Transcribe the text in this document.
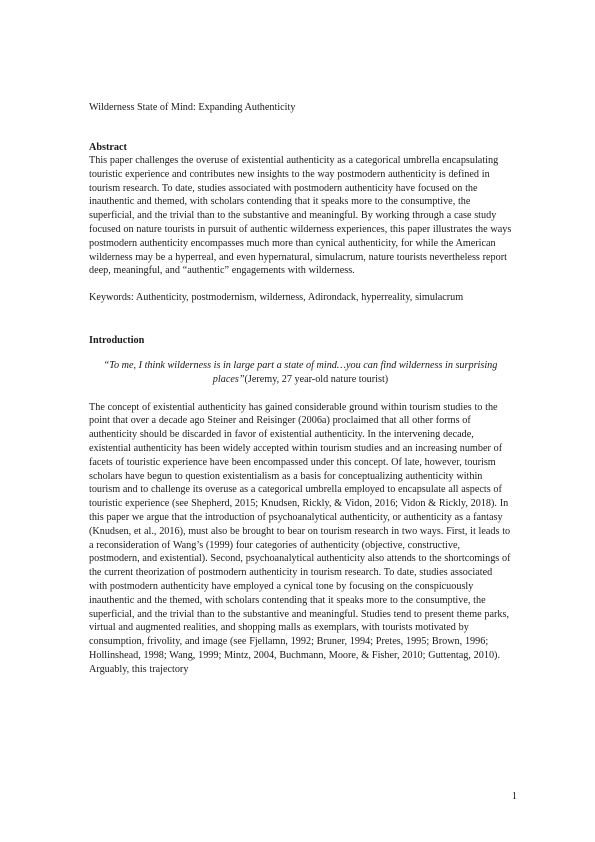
Wilderness State of Mind: Expanding Authenticity

Abstract

This paper challenges the overuse of existential authenticity as a categorical umbrella encapsulating touristic experience and contributes new insights to the way postmodern authenticity is defined in tourism research. To date, studies associated with postmodern authenticity have focused on the inauthentic and themed, with scholars contending that it speaks more to the consumptive, the superficial, and the trivial than to the substantive and meaningful. By working through a case study focused on nature tourists in pursuit of authentic wilderness experiences, this paper illustrates the ways postmodern authenticity encompasses much more than cynical authenticity, for while the American wilderness may be a hyperreal, and even hypernatural, simulacrum, nature tourists nevertheless report deep, meaningful, and “authentic” engagements with wilderness.

Keywords: Authenticity, postmodernism, wilderness, Adirondack, hyperreality, simulacrum

Introduction

“To me, I think wilderness is in large part a state of mind…you can find wilderness in surprising places”(Jeremy, 27 year-old nature tourist)

The concept of existential authenticity has gained considerable ground within tourism studies to the point that over a decade ago Steiner and Reisinger (2006a) proclaimed that all other forms of authenticity should be discarded in favor of existential authenticity. In the intervening decade, existential authenticity has been widely accepted within tourism studies and an increasing number of facets of touristic experience have been encompassed under this concept. Of late, however, tourism scholars have begun to question existentialism as a basis for conceptualizing authenticity within tourism and to challenge its overuse as a categorical umbrella employed to encapsulate all aspects of touristic experience (see Shepherd, 2015; Knudsen, Rickly, & Vidon, 2016; Vidon & Rickly, 2018). In this paper we argue that the introduction of psychoanalytical authenticity, or authenticity as a fantasy (Knudsen, et al., 2016), must also be brought to bear on tourism research in two ways. First, it leads to a reconsideration of Wang’s (1999) four categories of authenticity (objective, constructive, postmodern, and existential). Second, psychoanalytical authenticity also attends to the shortcomings of the current theorization of postmodern authenticity in tourism research. To date, studies associated with postmodern authenticity have employed a cynical tone by focusing on the conspicuously inauthentic and the themed, with scholars contending that it speaks more to the consumptive, the superficial, and the trivial than to the substantive and meaningful. Studies tend to present theme parks, virtual and augmented realities, and shopping malls as exemplars, with tourists motivated by consumption, frivolity, and image (see Fjellamn, 1992; Bruner, 1994; Pretes, 1995; Brown, 1996; Hollinshead, 1998; Wang, 1999; Mintz, 2004, Buchmann, Moore, & Fisher, 2010; Guttentag, 2010). Arguably, this trajectory

1
